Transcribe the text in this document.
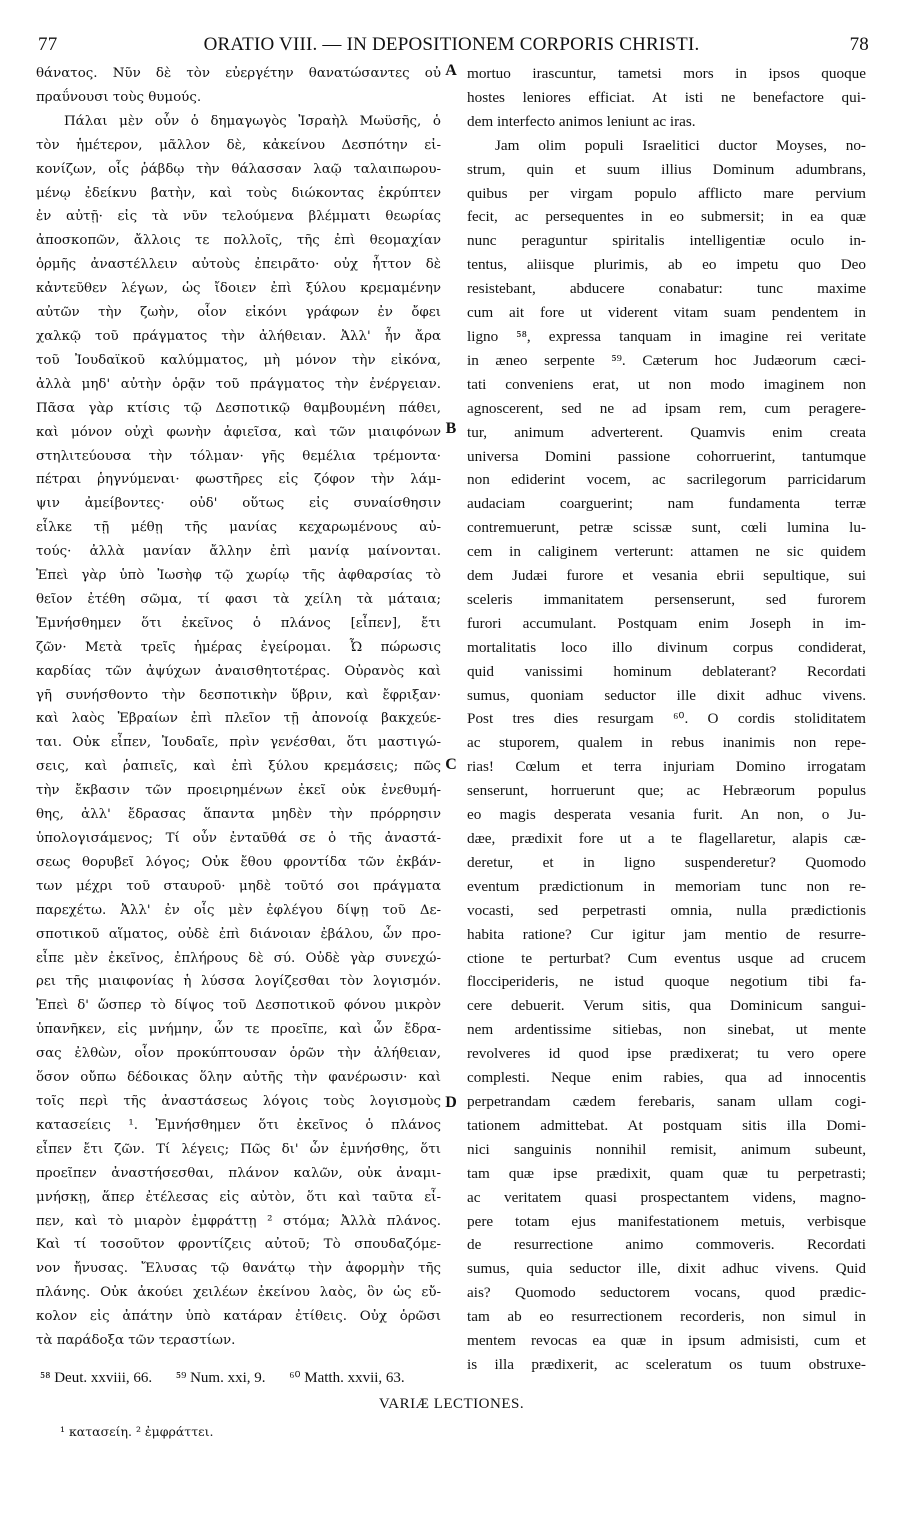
77	ORATIO VIII. — IN DEPOSITIONEM CORPORIS CHRISTI.	78
θάνατος. Νῦν δὲ τὸν εὐεργέτην θανατώσαντες οὐ
πραΰνουσι τοὺς θυμούς.
Πάλαι μὲν οὖν ὁ δημαγωγὸς Ἰσραὴλ Μωϋσῆς, ὁ
τὸν ἡμέτερον, μᾶλλον δὲ, κἀκείνου Δεσπότην εἰ-
κονίζων, οἷς ῥάβδῳ τὴν θάλασσαν λαῷ ταλαιπωρου-
μένῳ ἐδείκνυ βατὴν, καὶ τοὺς διώκοντας ἐκρύπτεν
ἐν αὐτῇ· εἰς τὰ νῦν τελούμενα βλέμματι θεωρίας
ἀποσκοπῶν, ἄλλοις τε πολλοῖς, τῆς ἐπὶ θεομαχίαν
ὁρμῆς ἀναστέλλειν αὐτοὺς ἐπειρᾶτο· οὐχ ἧττον δὲ
κἀντεῦθεν λέγων, ὡς ἴδοιεν ἐπὶ ξύλου κρεμαμένην
αὐτῶν τὴν ζωὴν, οἷον εἰκόνι γράφων ἐν ὄφει
χαλκῷ τοῦ πράγματος τὴν ἀλήθειαν. Ἀλλ' ἦν ἄρα
τοῦ Ἰουδαϊκοῦ καλύμματος, μὴ μόνον τὴν εἰκόνα,
ἀλλὰ μηδ' αὐτὴν ὁρᾷν τοῦ πράγματος τὴν ἐνέργειαν.
Πᾶσα γὰρ κτίσις τῷ Δεσποτικῷ θαμβουμένη πάθει,
καὶ μόνον οὐχὶ φωνὴν ἀφιεῖσα, καὶ τῶν μιαιφόνων
στηλιτεύουσα τὴν τόλμαν· γῆς θεμέλια τρέμοντα·
πέτραι ῥηγνύμεναι· φωστῆρες εἰς ζόφον τὴν λάμ-
ψιν ἀμείβοντες· οὐδ' οὕτως εἰς συναίσθησιν
εἷλκε τῇ μέθῃ τῆς μανίας κεχαρωμένους αὐ-
τούς· ἀλλὰ μανίαν ἄλλην ἐπὶ μανίᾳ μαίνονται.
Ἐπεὶ γὰρ ὑπὸ Ἰωσὴφ τῷ χωρίῳ τῆς ἀφθαρσίας τὸ
θεῖον ἐτέθη σῶμα, τί φασι τὰ χείλη τὰ μάταια;
Ἐμνήσθημεν ὅτι ἐκεῖνος ὁ πλάνος [εἶπεν], ἔτι
ζῶν· Μετὰ τρεῖς ἡμέρας ἐγείρομαι. Ὦ πώρωσις
καρδίας τῶν ἀψύχων ἀναισθητοτέρας. Οὐρανὸς καὶ
γῆ συνήσθοντο τὴν δεσποτικὴν ὕβριν, καὶ ἔφριξαν·
καὶ λαὸς Ἑβραίων ἐπὶ πλεῖον τῇ ἀπονοίᾳ βακχεύε-
ται. Οὐκ εἶπεν, Ἰουδαῖε, πρὶν γενέσθαι, ὅτι μαστιγώ-
σεις, καὶ ῥαπιεῖς, καὶ ἐπὶ ξύλου κρεμάσεις; πῶς
τὴν ἔκβασιν τῶν προειρημένων ἐκεῖ οὐκ ἐνεθυμή-
θης, ἀλλ' ἔδρασας ἅπαντα μηδὲν τὴν πρόρρησιν
ὑπολογισάμενος; Τί οὖν ἐνταῦθά σε ὁ τῆς ἀναστά-
σεως θορυβεῖ λόγος; Οὐκ ἔθου φροντίδα τῶν ἐκβάν-
των μέχρι τοῦ σταυροῦ· μηδὲ τοῦτό σοι πράγματα
παρεχέτω. Ἀλλ' ἐν οἷς μὲν ἐφλέγου δίψῃ τοῦ Δε-
σποτικοῦ αἵματος, οὐδὲ ἐπὶ διάνοιαν ἐβάλου, ὧν προ-
εἶπε μὲν ἐκεῖνος, ἐπλήρους δὲ σύ. Οὐδὲ γὰρ συνεχώ-
ρει τῆς μιαιφονίας ἡ λύσσα λογίζεσθαι τὸν λογισμόν.
Ἐπεὶ δ' ὥσπερ τὸ δίψος τοῦ Δεσποτικοῦ φόνου μικρὸν
ὑπανῆκεν, εἰς μνήμην, ὧν τε προεῖπε, καὶ ὧν ἔδρα-
σας ἐλθὼν, οἷον προκύπτουσαν ὁρῶν τὴν ἀλήθειαν,
ὅσον οὔπω δέδοικας ὅλην αὐτῆς τὴν φανέρωσιν· καὶ
τοῖς περὶ τῆς ἀναστάσεως λόγοις τοὺς λογισμοὺς
κατασείεις ¹. Ἐμνήσθημεν ὅτι ἐκεῖνος ὁ πλάνος
εἶπεν ἔτι ζῶν. Τί λέγεις; Πῶς δι' ὧν ἐμνήσθης, ὅτι
προεῖπεν ἀναστήσεσθαι, πλάνον καλῶν, οὐκ ἀναμι-
μνήσκῃ, ἅπερ ἐτέλεσας εἰς αὐτὸν, ὅτι καὶ ταῦτα εἶ-
πεν, καὶ τὸ μιαρὸν ἐμφράττῃ ² στόμα; Ἀλλὰ πλάνος.
Καὶ τί τοσοῦτον φροντίζεις αὐτοῦ; Τὸ σπουδαζόμε-
νον ἤνυσας. Ἔλυσας τῷ θανάτῳ τὴν ἀφορμὴν τῆς
πλάνης. Οὐκ ἀκούει χειλέων ἐκείνου λαὸς, ὃν ὡς εὔ-
κολον εἰς ἀπάτην ὑπὸ κατάραν ἐτίθεις. Οὐχ ὁρῶσι
τὰ παράδοξα τῶν τεραστίων.
mortuo irascuntur, tametsi mors in ipsos quoque
hostes leniores efficiat. At isti ne benefactore qui-
dem interfecto animos leniunt ac iras.
Jam olim populi Israelitici ductor Moyses, no-
strum, quin et suum illius Dominum adumbrans,
quibus per virgam populo afflicto mare pervium
fecit, ac persequentes in eo submersit; in ea quæ
nunc peraguntur spiritalis intelligentiæ oculo in-
tentus, aliisque plurimis, ab eo impetu quo Deo
resistebant, abducere conabatur: tunc maxime
cum ait fore ut viderent vitam suam pendentem in
ligno ⁵⁸, expressa tanquam in imagine rei veritate
in æneo serpente ⁵⁹. Cæterum hoc Judæorum cæci-
tati conveniens erat, ut non modo imaginem non
agnoscerent, sed ne ad ipsam rem, cum peragere-
tur, animum adverterent. Quamvis enim creata
universa Domini passione cohorruerint, tantumque
non ediderint vocem, ac sacrilegorum parricidarum
audaciam coarguerint; nam fundamenta terræ
contremuerunt, petræ scissæ sunt, cœli lumina lu-
cem in caliginem verterunt: attamen ne sic quidem
dem Judæi furore et vesania ebrii sepultique, sui
sceleris immanitatem persenserunt, sed furorem
furori accumulant. Postquam enim Joseph in im-
mortalitatis loco illo divinum corpus condiderat,
quid vanissimi hominum deblaterant? Recordati
sumus, quoniam seductor ille dixit adhuc vivens.
Post tres dies resurgam ⁶⁰. O cordis stoliditatem
ac stuporem, qualem in rebus inanimis non repe-
rias! Cœlum et terra injuriam Domino irrogatam
senserunt, horruerunt que; ac Hebræorum populus
eo magis desperata vesania furit. An non, o Ju-
dæe, prædixit fore ut a te flagellaretur, alapis cæ-
deretur, et in ligno suspenderetur? Quomodo
eventum prædictionum in memoriam tunc non re-
vocasti, sed perpetrasti omnia, nulla prædictionis
habita ratione? Cur igitur jam mentio de resurre-
ctione te perturbat? Cum eventus usque ad crucem
flocciperideris, ne istud quoque negotium tibi fa-
cere debuerit. Verum sitis, qua Dominicum sangui-
nem ardentissime sitiebas, non sinebat, ut mente
revolveres id quod ipse prædixerat; tu vero opere
complesti. Neque enim rabies, qua ad innocentis
perpetrandam cædem ferebaris, sanam ullam cogi-
tationem admittebat. At postquam sitis illa Domi-
nici sanguinis nonnihil remisit, animum subeunt,
tam quæ ipse prædixit, quam quæ tu perpetrasti;
ac veritatem quasi prospectantem videns, magno-
pere totam ejus manifestationem metuis, verbisque
de resurrectione animo commoveris. Recordati
sumus, quia seductor ille, dixit adhuc vivens. Quid
ais? Quomodo seductorem vocans, quod prædic-
tam ab eo resurrectionem recorderis, non simul in
mentem revocas ea quæ in ipsum admisisti, cum et
is illa prædixerit, ac sceleratum os tuum obstruxe-
A
B
C
D
⁵⁸ Deut. xxviii, 66. ⁵⁹ Num. xxi, 9. ⁶⁰ Matth. xxvii, 63.
VARIÆ LECTIONES.
¹ κατασείη. ² ἐμφράττει.
